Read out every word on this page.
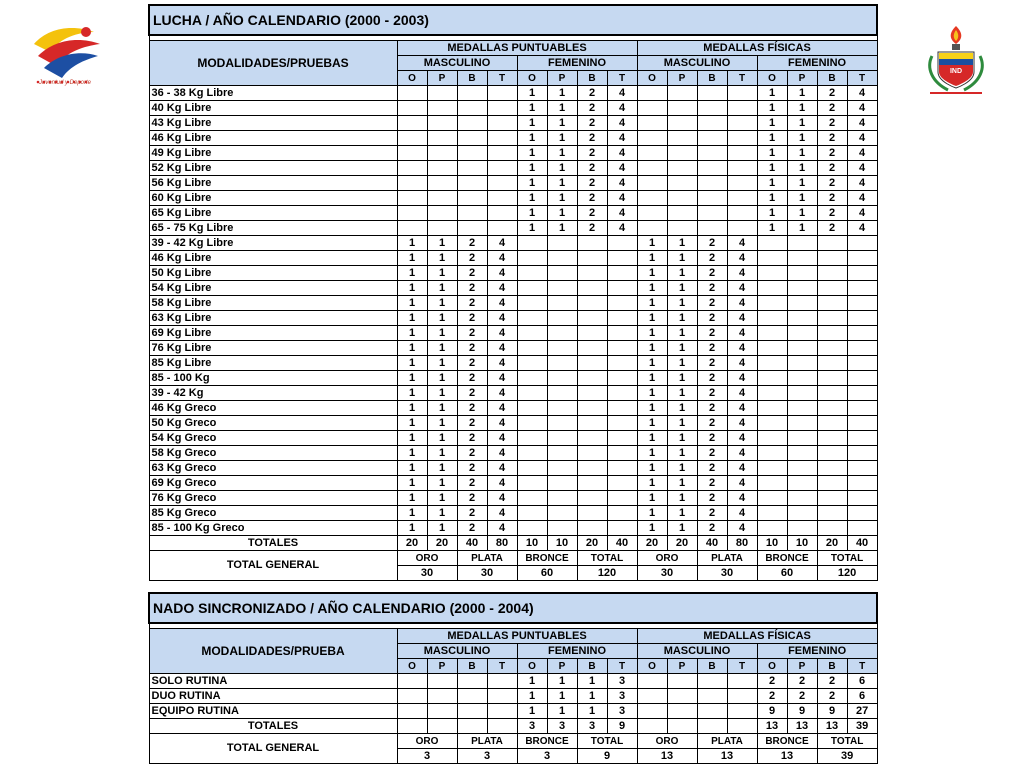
Juventud y Deporte
IND
LUCHA / AÑO CALENDARIO (2000 - 2003)																

MODALIDADES/PRUEBAS	MEDALLAS PUNTUABLES								MEDALLAS FÍSICAS							
	MASCULINO				FEMENINO				MASCULINO				FEMENINO			
	O	P	B	T	O	P	B	T	O	P	B	T	O	P	B	T
36 - 38 Kg Libre					1	1	2	4					1	1	2	4
40 Kg Libre					1	1	2	4					1	1	2	4
43 Kg Libre					1	1	2	4					1	1	2	4
46 Kg Libre					1	1	2	4					1	1	2	4
49 Kg Libre					1	1	2	4					1	1	2	4
52 Kg Libre					1	1	2	4					1	1	2	4
56 Kg Libre					1	1	2	4					1	1	2	4
60 Kg Libre					1	1	2	4					1	1	2	4
65 Kg Libre					1	1	2	4					1	1	2	4
65 - 75 Kg Libre					1	1	2	4					1	1	2	4
39 - 42 Kg Libre	1	1	2	4					1	1	2	4				
46 Kg Libre	1	1	2	4					1	1	2	4				
50 Kg Libre	1	1	2	4					1	1	2	4				
54 Kg Libre	1	1	2	4					1	1	2	4				
58 Kg Libre	1	1	2	4					1	1	2	4				
63 Kg Libre	1	1	2	4					1	1	2	4				
69 Kg Libre	1	1	2	4					1	1	2	4				
76 Kg Libre	1	1	2	4					1	1	2	4				
85 Kg Libre	1	1	2	4					1	1	2	4				
85 - 100 Kg	1	1	2	4					1	1	2	4				
39 - 42 Kg	1	1	2	4					1	1	2	4				
46 Kg Greco	1	1	2	4					1	1	2	4				
50 Kg Greco	1	1	2	4					1	1	2	4				
54 Kg Greco	1	1	2	4					1	1	2	4				
58 Kg Greco	1	1	2	4					1	1	2	4				
63 Kg Greco	1	1	2	4					1	1	2	4				
69 Kg Greco	1	1	2	4					1	1	2	4				
76 Kg Greco	1	1	2	4					1	1	2	4				
85 Kg Greco	1	1	2	4					1	1	2	4				
85 - 100 Kg Greco	1	1	2	4					1	1	2	4				
TOTALES	20	20	40	80	10	10	20	40	20	20	40	80	10	10	20	40
TOTAL GENERAL	ORO		PLATA		BRONCE		TOTAL		ORO		PLATA		BRONCE		TOTAL	
	30		30		60		120		30		30		60		120	
NADO SINCRONIZADO / AÑO CALENDARIO (2000 - 2004)																

MODALIDADES/PRUEBA	MEDALLAS PUNTUABLES								MEDALLAS FÍSICAS							
	MASCULINO				FEMENINO				MASCULINO				FEMENINO			
	O	P	B	T	O	P	B	T	O	P	B	T	O	P	B	T
SOLO RUTINA					1	1	1	3					2	2	2	6
DUO RUTINA					1	1	1	3					2	2	2	6
EQUIPO RUTINA					1	1	1	3					9	9	9	27
TOTALES					3	3	3	9					13	13	13	39
TOTAL GENERAL	ORO		PLATA		BRONCE		TOTAL		ORO		PLATA		BRONCE		TOTAL	
	3		3		3		9		13		13		13		39	
